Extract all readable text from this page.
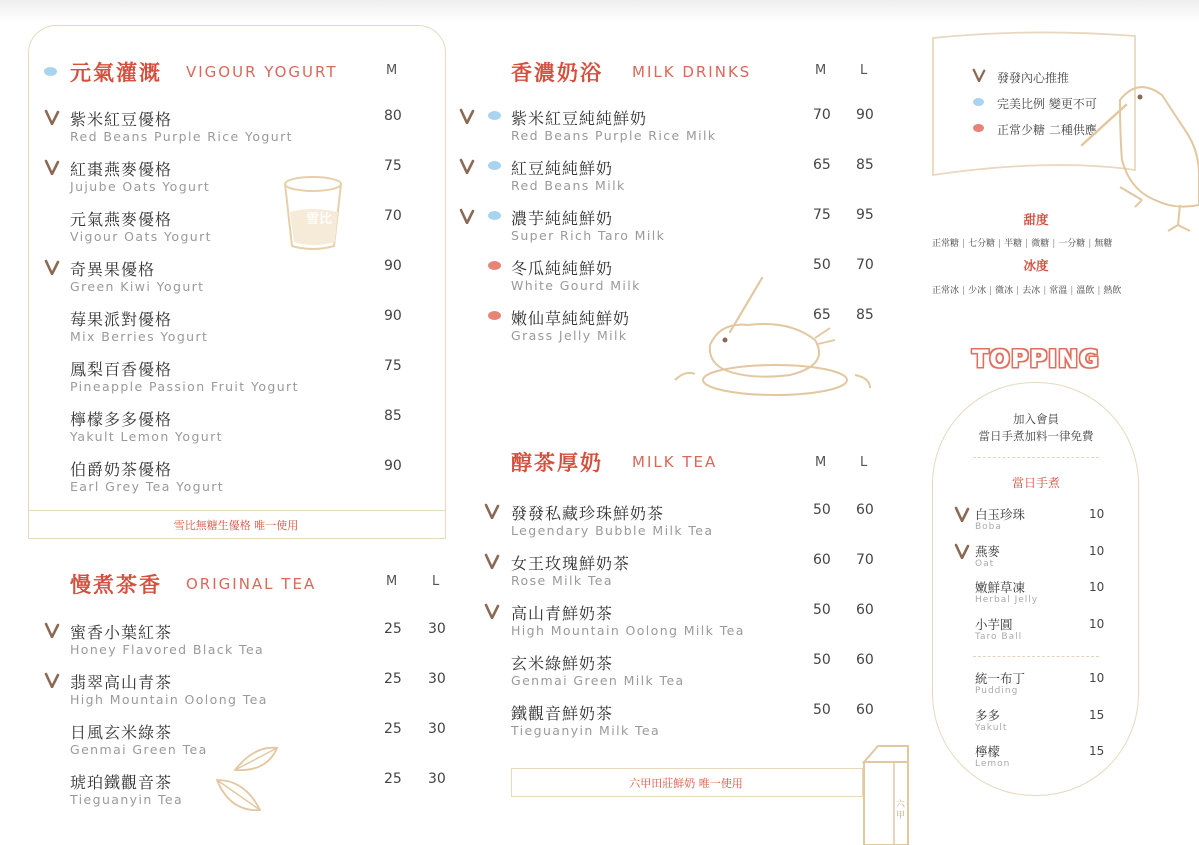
雪比無糖生優格 唯一使用
元氣灌溉 VIGOUR YOGURT	M
紫米紅豆優格
Red Beans Purple Rice Yogurt
80
紅棗燕麥優格
Jujube Oats Yogurt
75
元氣燕麥優格
Vigour Oats Yogurt
70
奇異果優格
Green Kiwi Yogurt
90
莓果派對優格
Mix Berries Yogurt
90
鳳梨百香優格
Pineapple Passion Fruit Yogurt
75
檸檬多多優格
Yakult Lemon Yogurt
85
伯爵奶茶優格
Earl Grey Tea Yogurt
90
雪比
慢煮茶香 ORIGINAL TEA	M	L
蜜香小葉紅茶
Honey Flavored Black Tea
25 30
翡翠高山青茶
High Mountain Oolong Tea
25 30
日風玄米綠茶
Genmai Green Tea
25 30
琥珀鐵觀音茶
Tieguanyin Tea
25 30
香濃奶浴 MILK DRINKS	M	L
紫米紅豆純純鮮奶
Red Beans Purple Rice Milk
70 90
紅豆純純鮮奶
Red Beans Milk
65 85
濃芋純純鮮奶
Super Rich Taro Milk
75 95
冬瓜純純鮮奶
White Gourd Milk
50 70
嫩仙草純純鮮奶
Grass Jelly Milk
65 85
醇茶厚奶 MILK TEA	M	L
發發私藏珍珠鮮奶茶
Legendary Bubble Milk Tea
50 60
女王玫瑰鮮奶茶
Rose Milk Tea
60 70
高山青鮮奶茶
High Mountain Oolong Milk Tea
50 60
玄米綠鮮奶茶
Genmai Green Milk Tea
50 60
鐵觀音鮮奶茶
Tieguanyin Milk Tea
50 60
六甲田莊鮮奶 唯一使用
六甲
發發內心推推
完美比例 變更不可
正常少糖 二種供應
甜度
正常糖 | 七分糖 | 半糖 | 微糖 | 一分糖 | 無糖
冰度
正常冰 | 少冰 | 微冰 | 去冰 | 常溫 | 溫飲 | 熱飲
TOPPING
加入會員
當日手煮加料一律免費
當日手煮
白玉珍珠
Boba
10
燕麥
Oat
10
嫩鮮草凍
Herbal Jelly
10
小芋圓
Taro Ball
10
統一布丁
Pudding
10
多多
Yakult
15
檸檬
Lemon
15
